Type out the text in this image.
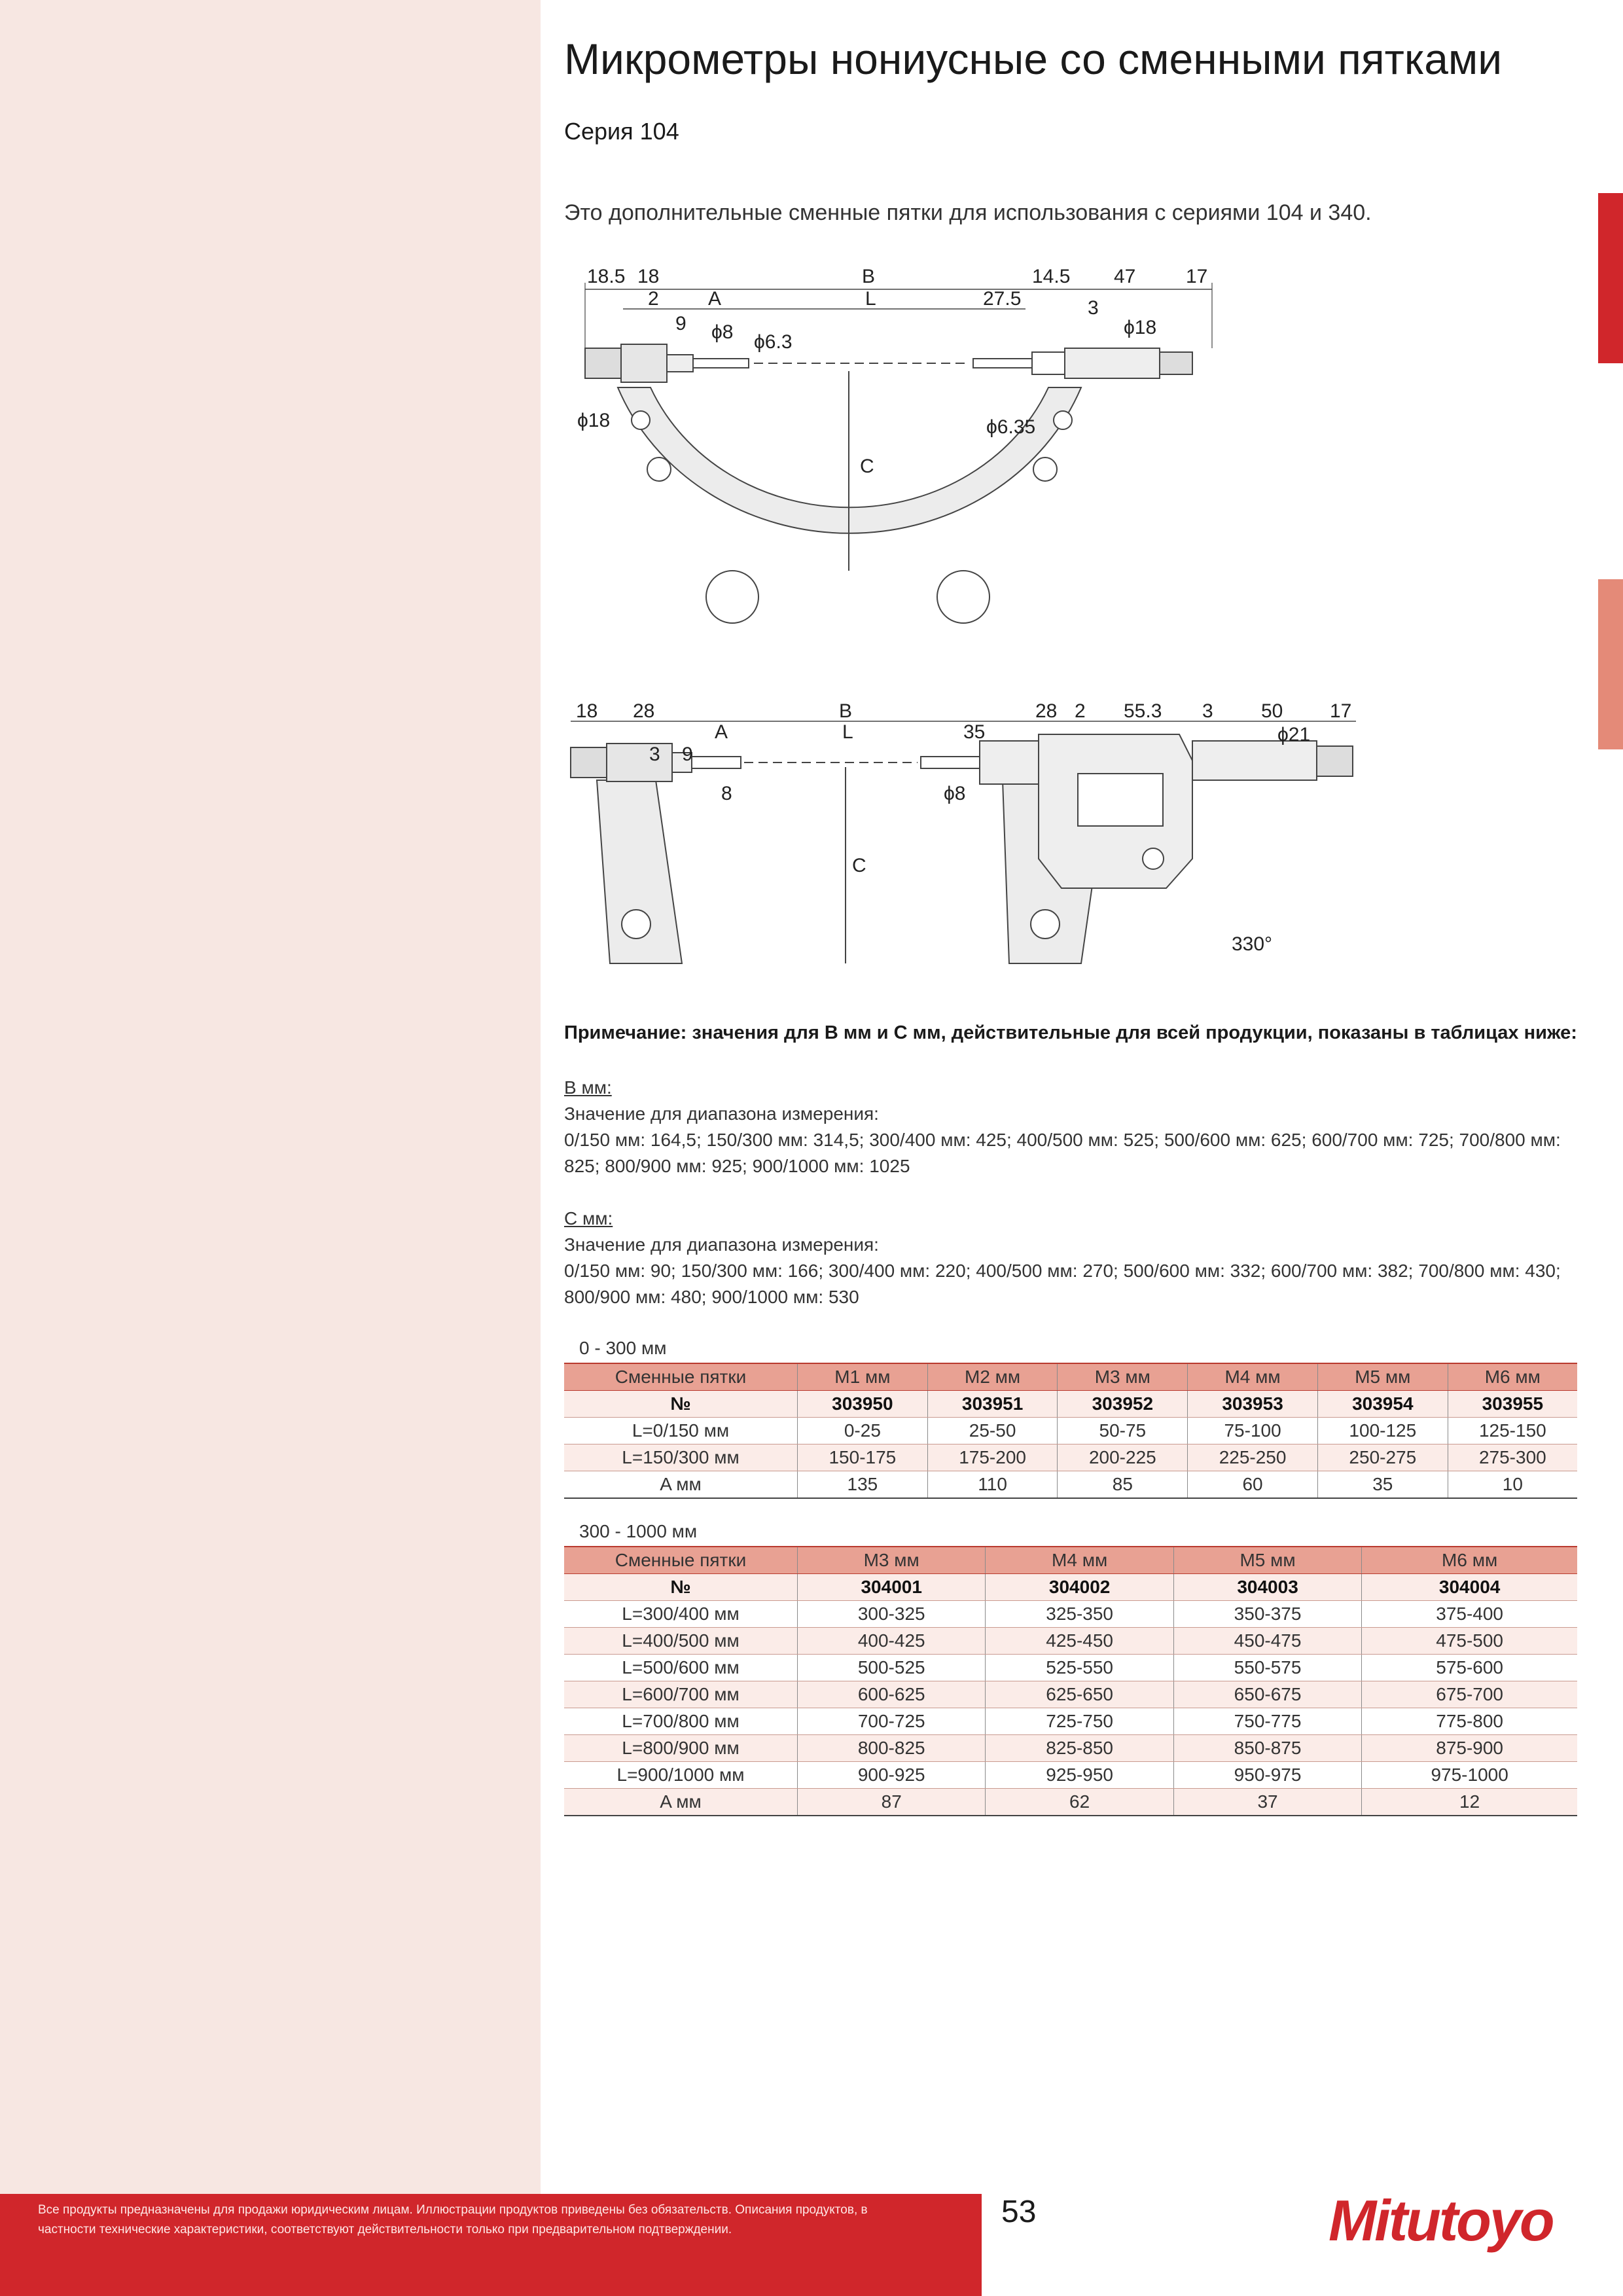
Микрометры нониусные со сменными пятками
Серия 104
Это дополнительные сменные пятки для использования с сериями 104 и 340.
18.5 18	B	14.5 47	17
2	A	L	27.5	3
9 ϕ8 ϕ6.3
ϕ18
ϕ18	ϕ6.35
C
18 28	B	28 2 55.3 3 50 17
A	L	35
3 9
ϕ21
8	ϕ8
C
330°
Примечание: значения для B мм и C мм, действительные для всей продукции, показаны в таблицах ниже:
B мм:
Значение для диапазона измерения:
0/150 мм: 164,5; 150/300 мм: 314,5; 300/400 мм: 425; 400/500 мм: 525; 500/600 мм: 625; 600/700 мм: 725; 700/800 мм:
825; 800/900 мм: 925; 900/1000 мм: 1025
C мм:
Значение для диапазона измерения:
0/150 мм: 90; 150/300 мм: 166; 300/400 мм: 220; 400/500 мм: 270; 500/600 мм: 332; 600/700 мм: 382; 700/800 мм: 430;
800/900 мм: 480; 900/1000 мм: 530
0 - 300 мм
Сменные пятки	M1 мм	M2 мм	M3 мм	M4 мм	M5 мм	M6 мм
№	303950	303951	303952	303953	303954	303955
L=0/150 мм	0-25	25-50	50-75	75-100	100-125	125-150
L=150/300 мм	150-175	175-200	200-225	225-250	250-275	275-300
A мм	135	110	85	60	35	10
300 - 1000 мм
Сменные пятки	M3 мм	M4 мм	M5 мм	M6 мм
№	304001	304002	304003	304004
L=300/400 мм	300-325	325-350	350-375	375-400
L=400/500 мм	400-425	425-450	450-475	475-500
L=500/600 мм	500-525	525-550	550-575	575-600
L=600/700 мм	600-625	625-650	650-675	675-700
L=700/800 мм	700-725	725-750	750-775	775-800
L=800/900 мм	800-825	825-850	850-875	875-900
L=900/1000 мм	900-925	925-950	950-975	975-1000
A мм	87	62	37	12
Все продукты предназначены для продажи юридическим лицам. Иллюстрации продуктов приведены без обязательств. Описания продуктов, в
частности технические характеристики, соответствуют действительности только при предварительном подтверждении.
53	Mitutoyo
